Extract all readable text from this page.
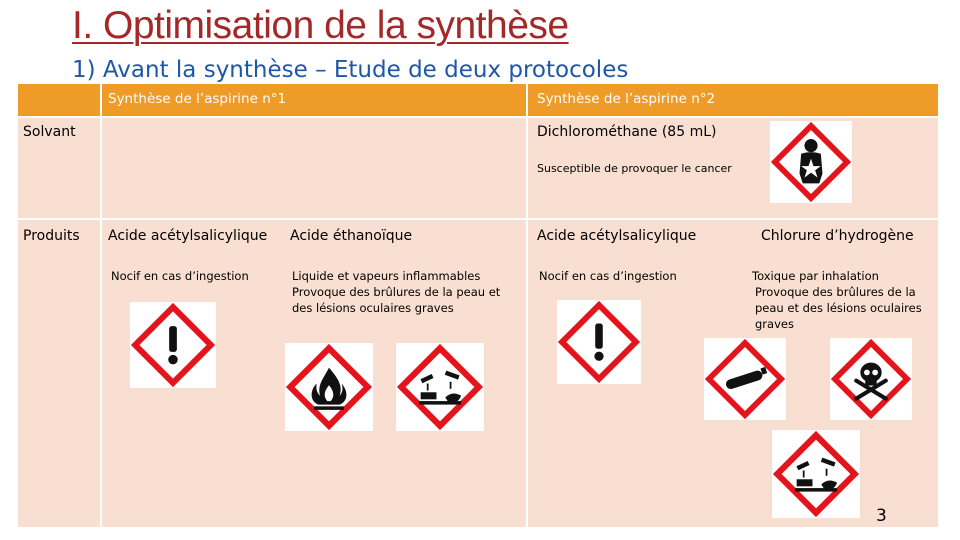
I. Optimisation de la synthèse
1) Avant la synthèse – Etude de deux protocoles
Synthèse de l’aspirine n°1	Synthèse de l’aspirine n°2
Solvant	Dichlorométhane (85 mL)
Susceptible de provoquer le cancer
Produits Acide acétylsalicylique
Nocif en cas d’ingestion
Acide éthanoïque
Liquide et vapeurs inflammables
Provoque des brûlures de la peau et
des lésions oculaires graves
Acide acétylsalicylique
Nocif en cas d’ingestion
Chlorure d’hydrogène
Toxique par inhalation
Provoque des brûlures de la
peau et des lésions oculaires
graves
3
